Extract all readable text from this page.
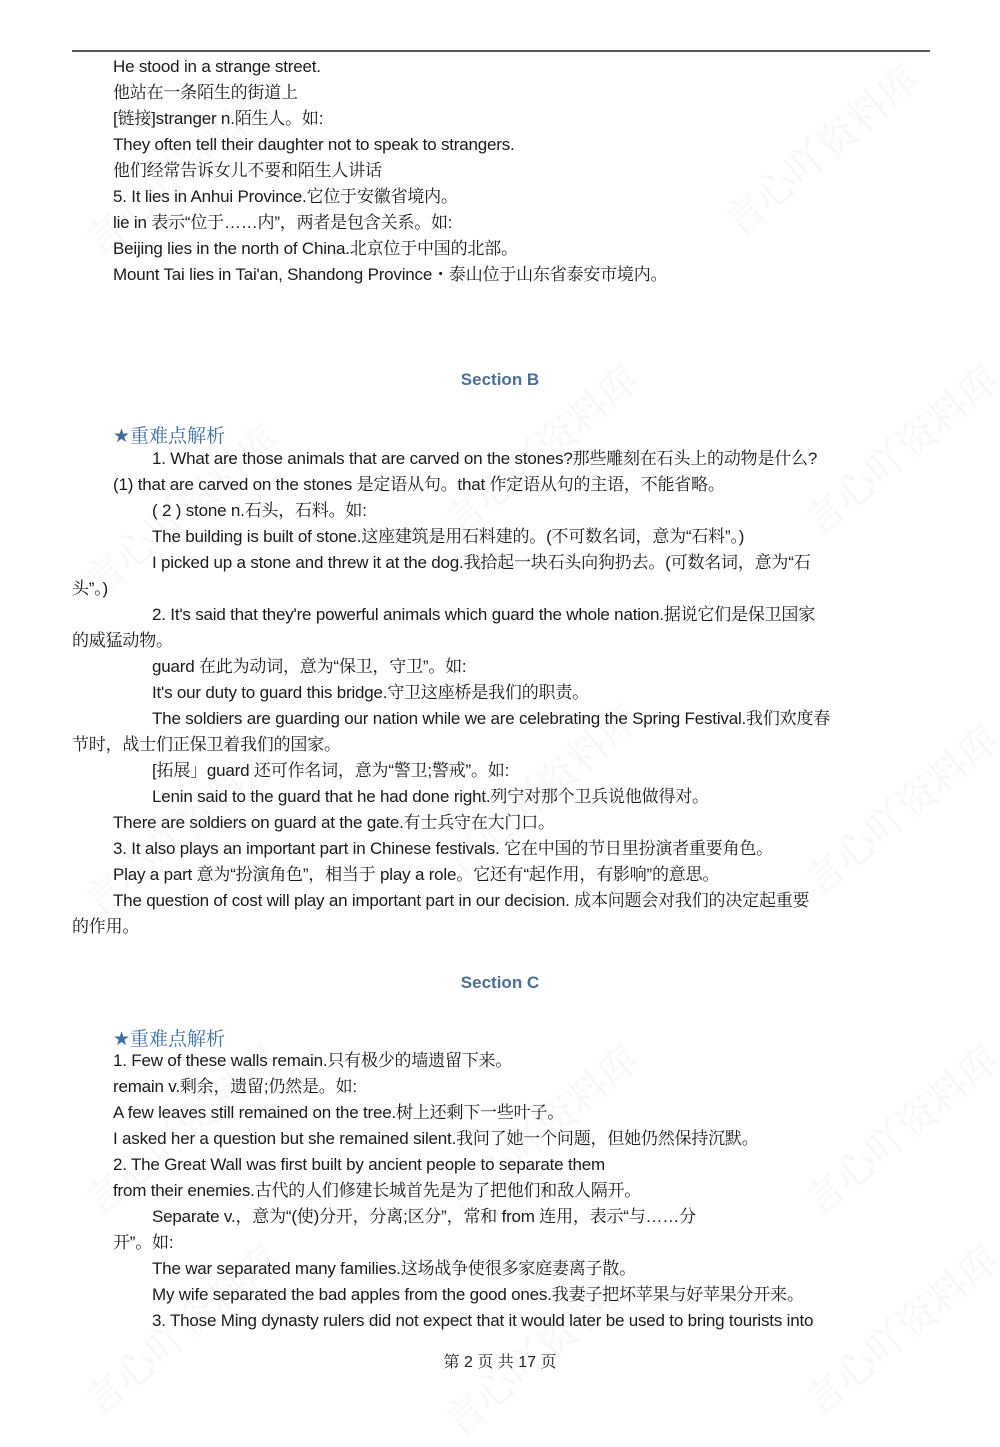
He stood in a strange street.
他站在一条陌生的街道上
[链接]stranger n.陌生人。如:
They often tell their daughter not to speak to strangers.
他们经常告诉女儿不要和陌生人讲话
5. It lies in Anhui Province.它位于安徽省境内。
lie in 表示“位于……内”，两者是包含关系。如:
Beijing lies in the north of China.北京位于中国的北部。
Mount Tai lies in Tai'an, Shandong Province・泰山位于山东省泰安市境内。
Section B
★重难点解析
1. What are those animals that are carved on the stones?那些雕刻在石头上的动物是什么?
(1) that are carved on the stones 是定语从句。that 作定语从句的主语，不能省略。
( 2 ) stone n.石头，石料。如:
The building is built of stone.这座建筑是用石料建的。(不可数名词，意为“石料”。)
I picked up a stone and threw it at the dog.我拾起一块石头向狗扔去。(可数名词，意为“石
头”。)
2. It's said that they're powerful animals which guard the whole nation.据说它们是保卫国家
的威猛动物。
guard 在此为动词，意为“保卫，守卫”。如:
It's our duty to guard this bridge.守卫这座桥是我们的职责。
The soldiers are guarding our nation while we are celebrating the Spring Festival.我们欢度春
节时，战士们正保卫着我们的国家。
[拓展」guard 还可作名词，意为“警卫;警戒”。如:
Lenin said to the guard that he had done right.列宁对那个卫兵说他做得对。
There are soldiers on guard at the gate.有士兵守在大门口。
3. It also plays an important part in Chinese festivals. 它在中国的节日里扮演者重要角色。
Play a part 意为“扮演角色”，相当于 play a role。它还有“起作用，有影响”的意思。
The question of cost will play an important part in our decision. 成本问题会对我们的决定起重要
的作用。
Section C
★重难点解析
1. Few of these walls remain.只有极少的墙遗留下来。
remain v.剩余，遗留;仍然是。如:
A few leaves still remained on the tree.树上还剩下一些叶子。
I asked her a question but she remained silent.我问了她一个问题，但她仍然保持沉默。
2. The Great Wall was first built by ancient people to separate them
from their enemies.古代的人们修建长城首先是为了把他们和敌人隔开。
Separate v.，意为“(使)分开，分离;区分”，常和 from 连用，表示“与……分
开”。如:
The war separated many families.这场战争使很多家庭妻离子散。
My wife separated the bad apples from the good ones.我妻子把坏苹果与好苹果分开来。
3. Those Ming dynasty rulers did not expect that it would later be used to bring tourists into
第 2 页 共 17 页
